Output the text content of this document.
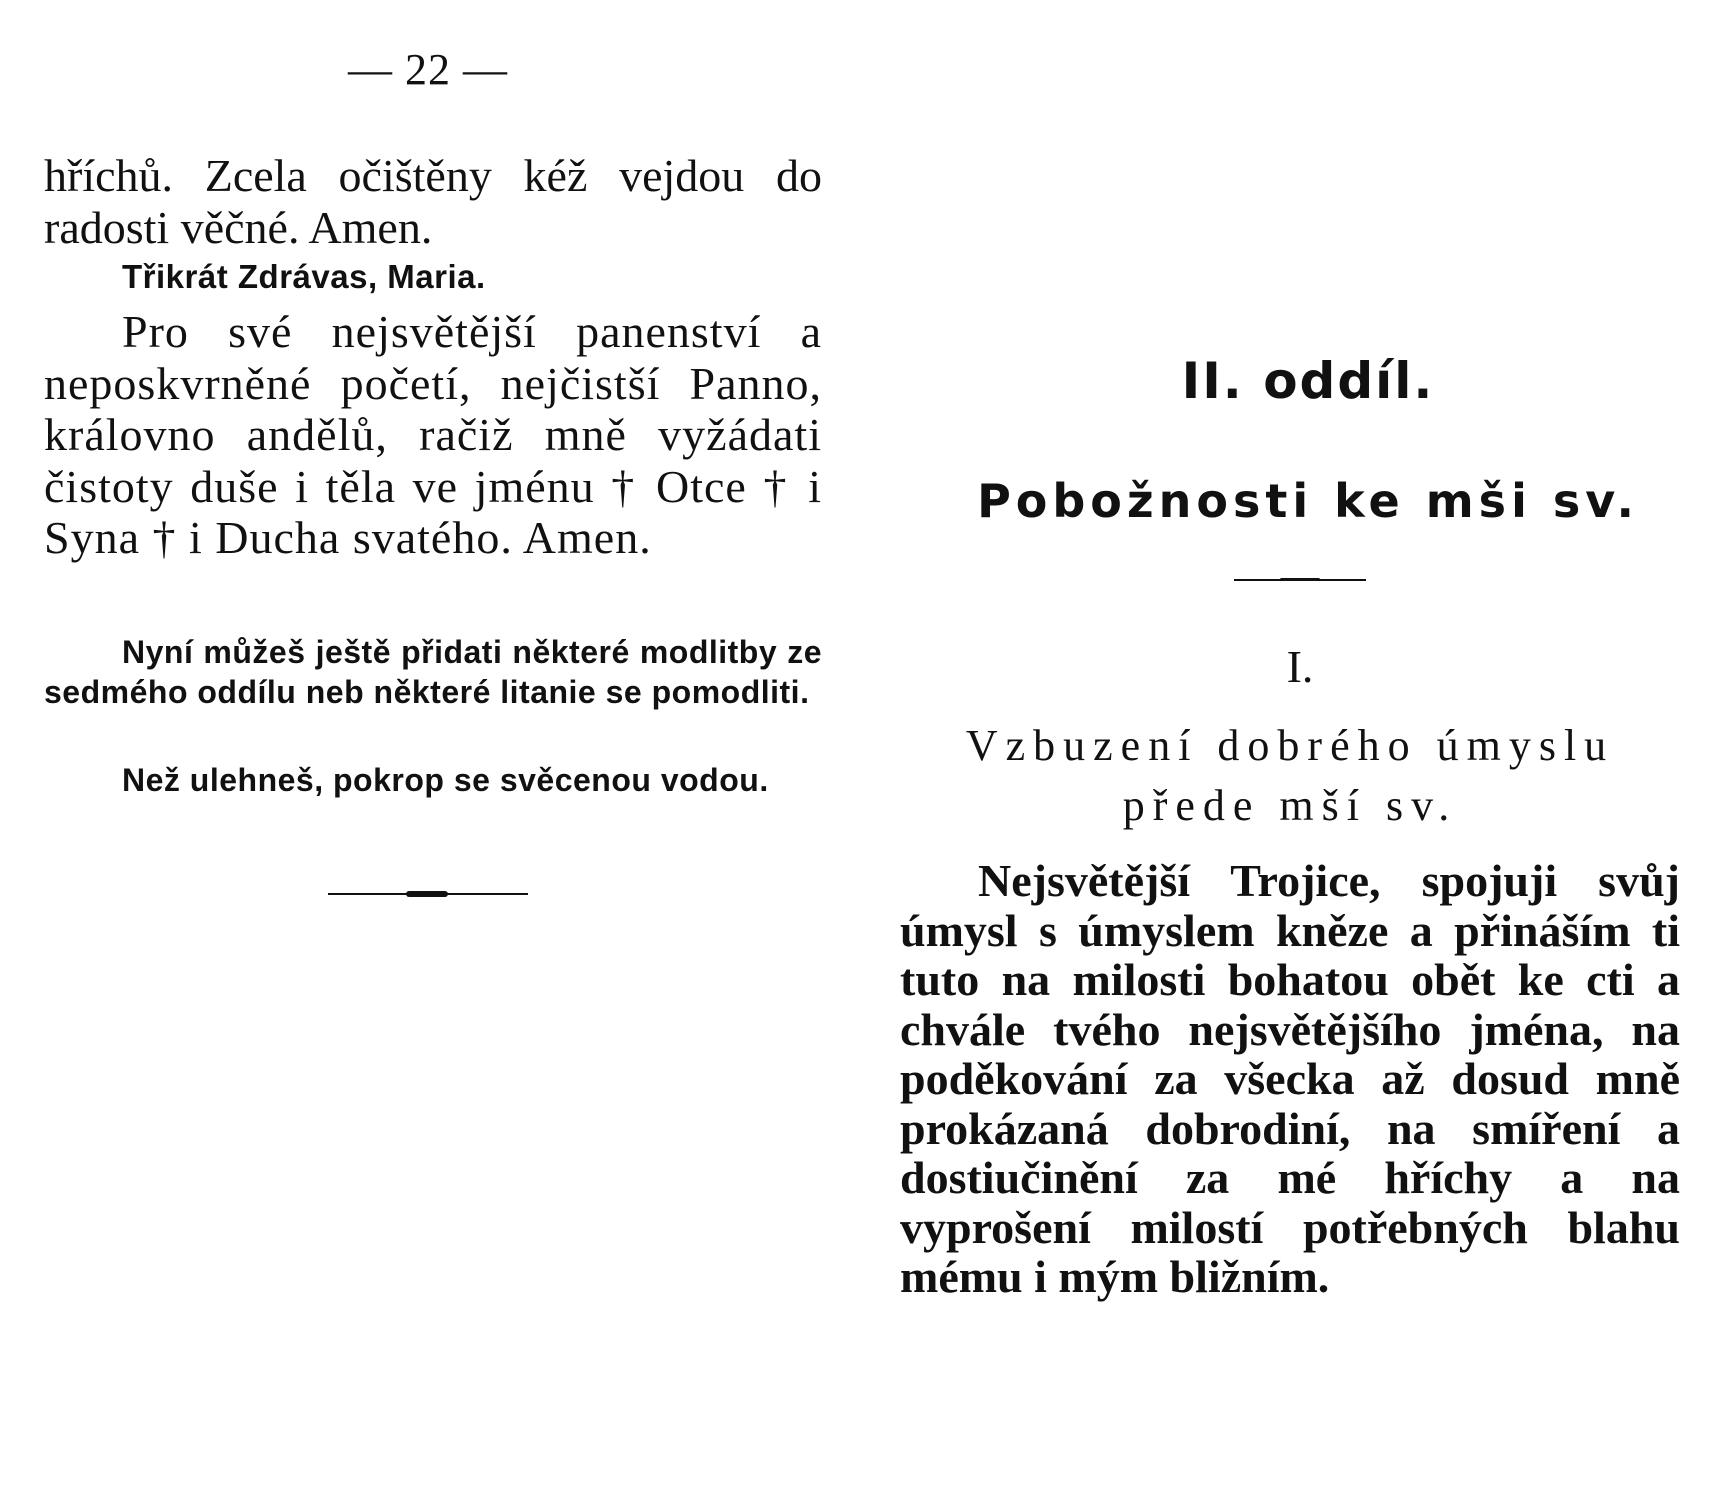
— 22 —
hříchů. Zcela očištěny kéž vejdou do radosti věčné. Amen.
Třikrát Zdrávas, Maria.
Pro své nejsvětější panenství a neposkvrněné početí, nejčistší Panno, královno andělů, račiž mně vyžádati čistoty duše i těla ve jménu † Otce † i Syna † i Ducha svatého. Amen.
Nyní můžeš ještě přidati některé modlitby ze sedmého oddílu neb některé litanie se pomodliti.
Než ulehneš, pokrop se svěcenou vodou.
II. oddíl.
Pobožnosti ke mši sv.
I.
Vzbuzení dobrého úmyslu
přede mší sv.
Nejsvětější Trojice, spojuji svůj úmysl s úmyslem kněze a přináším ti tuto na milosti bohatou obět ke cti a chvále tvého nejsvětějšího jména, na poděkování za všecka až dosud mně prokázaná dobrodiní, na smíření a dostiučinění za mé hříchy a na vyprošení milostí potřebných blahu mému i mým bližním.
